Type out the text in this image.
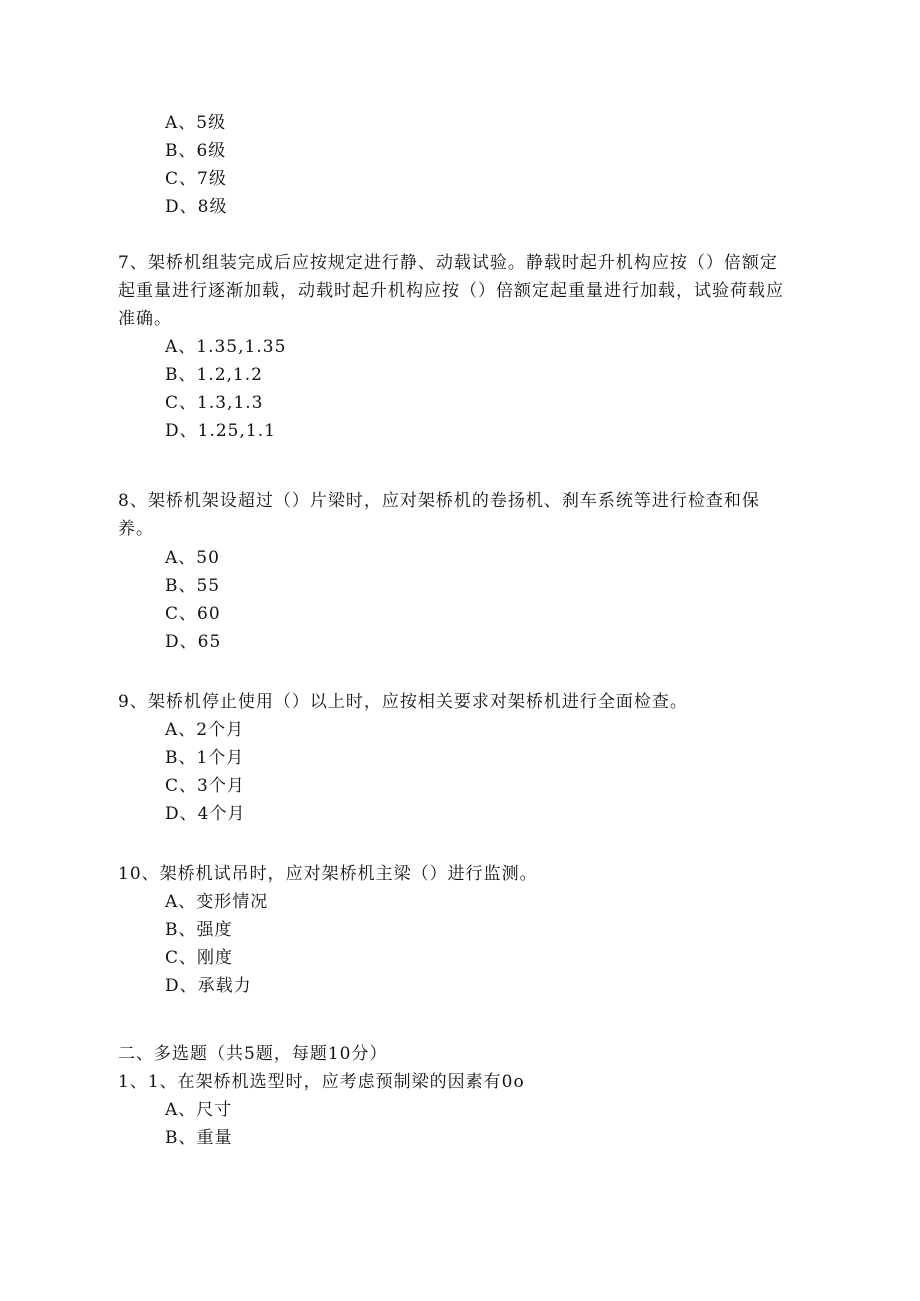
A、5级
B、6级
C、7级
D、8级
7、架桥机组装完成后应按规定进行静、动载试验。静载时起升机构应按（）倍额定
起重量进行逐渐加载，动载时起升机构应按（）倍额定起重量进行加载，试验荷载应
准确。
A、1.35,1.35
B、1.2,1.2
C、1.3,1.3
D、1.25,1.1
8、架桥机架设超过（）片梁时，应对架桥机的卷扬机、刹车系统等进行检查和保
养。
A、50
B、55
C、60
D、65
9、架桥机停止使用（）以上时，应按相关要求对架桥机进行全面检查。
A、2个月
B、1个月
C、3个月
D、4个月
10、架桥机试吊时，应对架桥机主梁（）进行监测。
A、变形情况
B、强度
C、刚度
D、承载力
二、多选题（共5题，每题10分）
1、1、在架桥机选型时，应考虑预制梁的因素有0o
A、尺寸
B、重量
